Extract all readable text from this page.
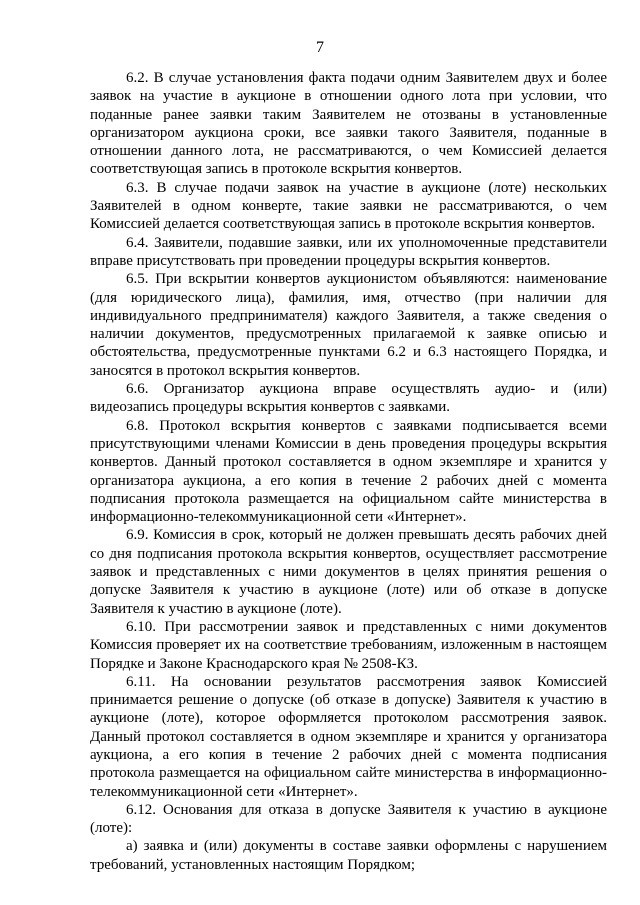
7

6.2. В случае установления факта подачи одним Заявителем двух и более заявок на участие в аукционе в отношении одного лота при условии, что поданные ранее заявки таким Заявителем не отозваны в установленные организатором аукциона сроки, все заявки такого Заявителя, поданные в отношении данного лота, не рассматриваются, о чем Комиссией делается соответствующая запись в протоколе вскрытия конвертов.

6.3. В случае подачи заявок на участие в аукционе (лоте) нескольких Заявителей в одном конверте, такие заявки не рассматриваются, о чем Комиссией делается соответствующая запись в протоколе вскрытия конвертов.

6.4. Заявители, подавшие заявки, или их уполномоченные представители вправе присутствовать при проведении процедуры вскрытия конвертов.

6.5. При вскрытии конвертов аукционистом объявляются: наименование (для юридического лица), фамилия, имя, отчество (при наличии для индивидуального предпринимателя) каждого Заявителя, а также сведения о наличии документов, предусмотренных прилагаемой к заявке описью и обстоятельства, предусмотренные пунктами 6.2 и 6.3 настоящего Порядка, и заносятся в протокол вскрытия конвертов.

6.6. Организатор аукциона вправе осуществлять аудио- и (или) видеозапись процедуры вскрытия конвертов с заявками.

6.8. Протокол вскрытия конвертов с заявками подписывается всеми присутствующими членами Комиссии в день проведения процедуры вскрытия конвертов. Данный протокол составляется в одном экземпляре и хранится у организатора аукциона, а его копия в течение 2 рабочих дней с момента подписания протокола размещается на официальном сайте министерства в информационно-телекоммуникационной сети «Интернет».

6.9. Комиссия в срок, который не должен превышать десять рабочих дней со дня подписания протокола вскрытия конвертов, осуществляет рассмотрение заявок и представленных с ними документов в целях принятия решения о допуске Заявителя к участию в аукционе (лоте) или об отказе в допуске Заявителя к участию в аукционе (лоте).

6.10. При рассмотрении заявок и представленных с ними документов Комиссия проверяет их на соответствие требованиям, изложенным в настоящем Порядке и Законе Краснодарского края № 2508-КЗ.

6.11. На основании результатов рассмотрения заявок Комиссией принимается решение о допуске (об отказе в допуске) Заявителя к участию в аукционе (лоте), которое оформляется протоколом рассмотрения заявок. Данный протокол составляется в одном экземпляре и хранится у организатора аукциона, а его копия в течение 2 рабочих дней с момента подписания протокола размещается на официальном сайте министерства в информационно-телекоммуникационной сети «Интернет».

6.12. Основания для отказа в допуске Заявителя к участию в аукционе (лоте):

а) заявка и (или) документы в составе заявки оформлены с нарушением требований, установленных настоящим Порядком;
